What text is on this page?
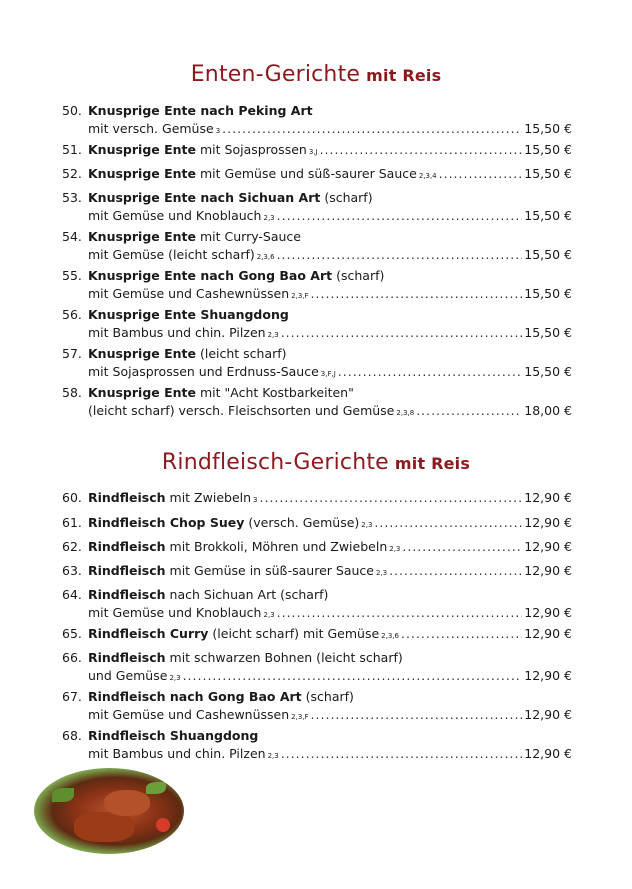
Enten-Gerichte mit Reis
50. Knusprige Ente nach Peking Art
mit versch. Gemüse 3 .....	15,50 €
51. Knusprige Ente
mit Sojasprossen 3,J .....	15,50 €
52. Knusprige Ente
mit Gemüse und süß-saurer Sauce 2,3,4 .....	15,50 €
53. Knusprige Ente nach Sichuan Art
(scharf)
mit Gemüse und Knoblauch 2,3 .....	15,50 €
54. Knusprige Ente
mit Curry-Sauce
mit Gemüse (leicht scharf) 2,3,6 .....	15,50 €
55. Knusprige Ente nach Gong Bao Art
(scharf)
mit Gemüse und Cashewnüssen 2,3,F .....	15,50 €
56. Knusprige Ente Shuangdong
mit Bambus und chin. Pilzen 2,3 .....	15,50 €
57. Knusprige Ente
(leicht scharf)
mit Sojasprossen und Erdnuss-Sauce 3,F,J .....	15,50 €
58. Knusprige Ente
mit "Acht Kostbarkeiten"
(leicht scharf) versch. Fleischsorten und Gemüse 2,3,8 .....	18,00 €
Rindfleisch-Gerichte mit Reis
60. Rindfleisch
mit Zwiebeln 3 .....	12,90 €
61. Rindfleisch Chop Suey
(versch. Gemüse) 2,3 .....	12,90 €
62. Rindfleisch
mit Brokkoli, Möhren und Zwiebeln 2,3 .....	12,90 €
63. Rindfleisch
mit Gemüse in süß-saurer Sauce 2,3 .....	12,90 €
64. Rindfleisch
nach Sichuan Art (scharf)
mit Gemüse und Knoblauch 2,3 .....	12,90 €
65. Rindfleisch Curry
(leicht scharf) mit Gemüse 2,3,6 .....	12,90 €
66. Rindfleisch
mit schwarzen Bohnen (leicht scharf)
und Gemüse 2,3 .....	12,90 €
67. Rindfleisch nach Gong Bao Art
(scharf)
mit Gemüse und Cashewnüssen 2,3,F .....	12,90 €
68. Rindfleisch Shuangdong
mit Bambus und chin. Pilzen 2,3 .....	12,90 €
